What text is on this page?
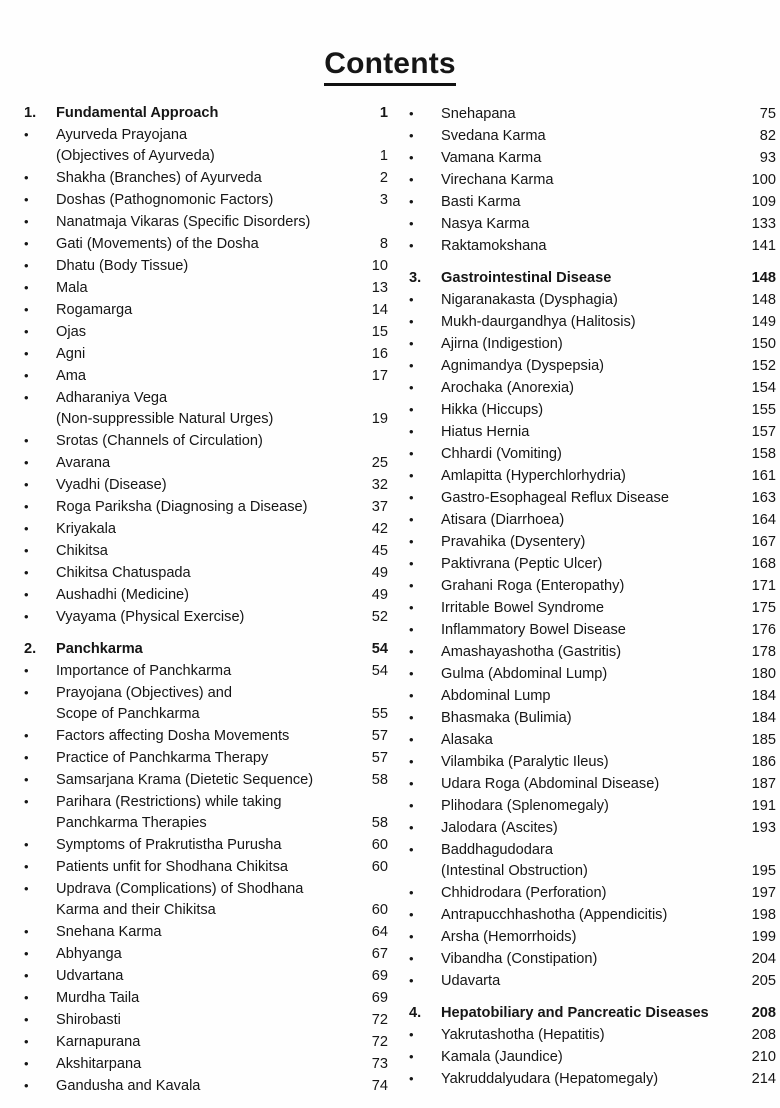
Contents
1.	Fundamental Approach	1
•	Ayurveda Prayojana
(Objectives of Ayurveda)	1
•	Shakha (Branches) of Ayurveda	2
•	Doshas (Pathognomonic Factors)	3
•	Nanatmaja Vikaras (Specific Disorders)
•	Gati (Movements) of the Dosha	8
•	Dhatu (Body Tissue)	10
•	Mala	13
•	Rogamarga	14
•	Ojas	15
•	Agni	16
•	Ama	17
•	Adharaniya Vega
(Non-suppressible Natural Urges)	19
•	Srotas (Channels of Circulation)
•	Avarana	25
•	Vyadhi (Disease)	32
•	Roga Pariksha (Diagnosing a Disease)	37
•	Kriyakala	42
•	Chikitsa	45
•	Chikitsa Chatuspada	49
•	Aushadhi (Medicine)	49
•	Vyayama (Physical Exercise)	52
2.	Panchkarma	54
•	Importance of Panchkarma	54
•	Prayojana (Objectives) and
Scope of Panchkarma	55
•	Factors affecting Dosha Movements	57
•	Practice of Panchkarma Therapy	57
•	Samsarjana Krama (Dietetic Sequence)	58
•	Parihara (Restrictions) while taking
Panchkarma Therapies	58
•	Symptoms of Prakrutistha Purusha	60
•	Patients unfit for Shodhana Chikitsa	60
•	Updrava (Complications) of Shodhana
Karma and their Chikitsa	60
•	Snehana Karma	64
•	Abhyanga	67
•	Udvartana	69
•	Murdha Taila	69
•	Shirobasti	72
•	Karnapurana	72
•	Akshitarpana	73
•	Gandusha and Kavala	74
•	Snehapana	75
•	Svedana Karma	82
•	Vamana Karma	93
•	Virechana Karma	100
•	Basti Karma	109
•	Nasya Karma	133
•	Raktamokshana	141
3.	Gastrointestinal Disease	148
•	Nigaranakasta (Dysphagia)	148
•	Mukh-daurgandhya (Halitosis)	149
•	Ajirna (Indigestion)	150
•	Agnimandya (Dyspepsia)	152
•	Arochaka (Anorexia)	154
•	Hikka (Hiccups)	155
•	Hiatus Hernia	157
•	Chhardi (Vomiting)	158
•	Amlapitta (Hyperchlorhydria)	161
•	Gastro-Esophageal Reflux Disease	163
•	Atisara (Diarrhoea)	164
•	Pravahika (Dysentery)	167
•	Paktivrana (Peptic Ulcer)	168
•	Grahani Roga (Enteropathy)	171
•	Irritable Bowel Syndrome	175
•	Inflammatory Bowel Disease	176
•	Amashayashotha (Gastritis)	178
•	Gulma (Abdominal Lump)	180
•	Abdominal Lump	184
•	Bhasmaka (Bulimia)	184
•	Alasaka	185
•	Vilambika (Paralytic Ileus)	186
•	Udara Roga (Abdominal Disease)	187
•	Plihodara (Splenomegaly)	191
•	Jalodara (Ascites)	193
•	Baddhagudodara
(Intestinal Obstruction)	195
•	Chhidrodara (Perforation)	197
•	Antrapucchhashotha (Appendicitis)	198
•	Arsha (Hemorrhoids)	199
•	Vibandha (Constipation)	204
•	Udavarta	205
4.	Hepatobiliary and Pancreatic Diseases	208
•	Yakrutashotha (Hepatitis)	208
•	Kamala (Jaundice)	210
•	Yakruddalyudara (Hepatomegaly)	214
